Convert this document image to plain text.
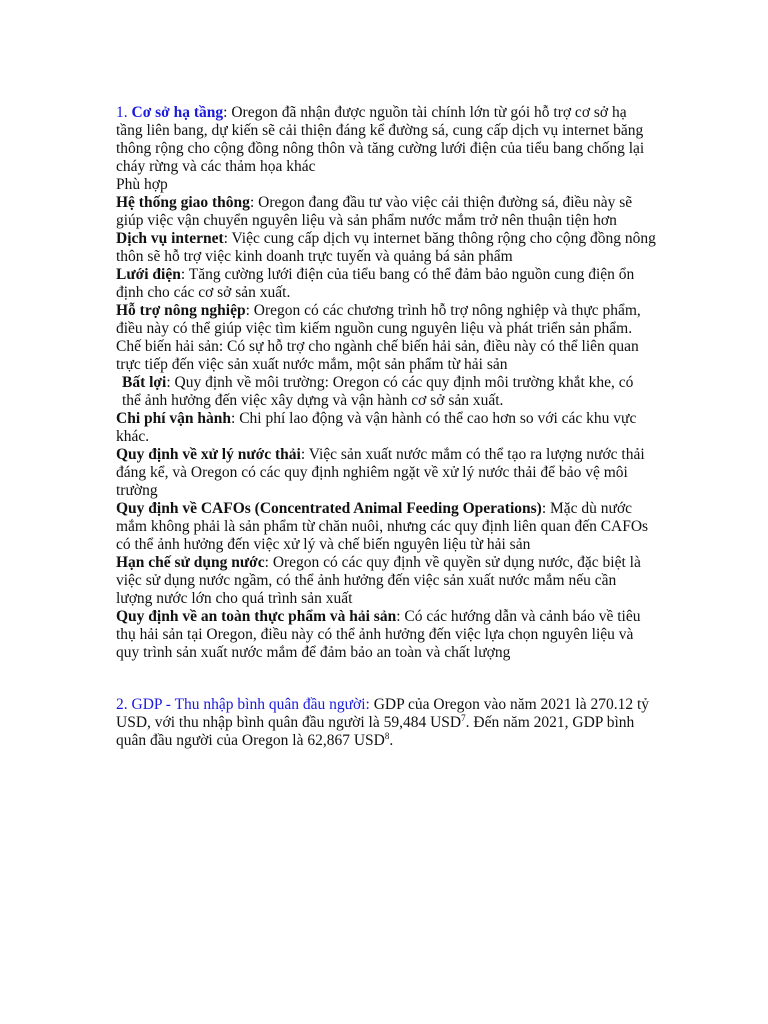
1. Cơ sở hạ tầng: Oregon đã nhận được nguồn tài chính lớn từ gói hỗ trợ cơ sở hạ tầng liên bang, dự kiến sẽ cải thiện đáng kể đường sá, cung cấp dịch vụ internet băng thông rộng cho cộng đồng nông thôn và tăng cường lưới điện của tiểu bang chống lại cháy rừng và các thảm họa khác

Phù hợp

Hệ thống giao thông: Oregon đang đầu tư vào việc cải thiện đường sá, điều này sẽ giúp việc vận chuyển nguyên liệu và sản phẩm nước mắm trở nên thuận tiện hơn

Dịch vụ internet: Việc cung cấp dịch vụ internet băng thông rộng cho cộng đồng nông thôn sẽ hỗ trợ việc kinh doanh trực tuyến và quảng bá sản phẩm

Lưới điện: Tăng cường lưới điện của tiểu bang có thể đảm bảo nguồn cung điện ổn định cho các cơ sở sản xuất.

Hỗ trợ nông nghiệp: Oregon có các chương trình hỗ trợ nông nghiệp và thực phẩm, điều này có thể giúp việc tìm kiếm nguồn cung nguyên liệu và phát triển sản phẩm.

Chế biến hải sản: Có sự hỗ trợ cho ngành chế biến hải sản, điều này có thể liên quan trực tiếp đến việc sản xuất nước mắm, một sản phẩm từ hải sản

Bất lợi: Quy định về môi trường: Oregon có các quy định môi trường khắt khe, có thể ảnh hưởng đến việc xây dựng và vận hành cơ sở sản xuất.

Chi phí vận hành: Chi phí lao động và vận hành có thể cao hơn so với các khu vực khác.

Quy định về xử lý nước thải: Việc sản xuất nước mắm có thể tạo ra lượng nước thải đáng kể, và Oregon có các quy định nghiêm ngặt về xử lý nước thải để bảo vệ môi trường

Quy định về CAFOs (Concentrated Animal Feeding Operations): Mặc dù nước mắm không phải là sản phẩm từ chăn nuôi, nhưng các quy định liên quan đến CAFOs có thể ảnh hưởng đến việc xử lý và chế biến nguyên liệu từ hải sản

Hạn chế sử dụng nước: Oregon có các quy định về quyền sử dụng nước, đặc biệt là việc sử dụng nước ngầm, có thể ảnh hưởng đến việc sản xuất nước mắm nếu cần lượng nước lớn cho quá trình sản xuất

Quy định về an toàn thực phẩm và hải sản: Có các hướng dẫn và cảnh báo về tiêu thụ hải sản tại Oregon, điều này có thể ảnh hưởng đến việc lựa chọn nguyên liệu và quy trình sản xuất nước mắm để đảm bảo an toàn và chất lượng

2. GDP - Thu nhập bình quân đầu người: GDP của Oregon vào năm 2021 là 270.12 tỷ USD, với thu nhập bình quân đầu người là 59,484 USD$^7$. Đến năm 2021, GDP bình quân đầu người của Oregon là 62,867 USD$^8$.
